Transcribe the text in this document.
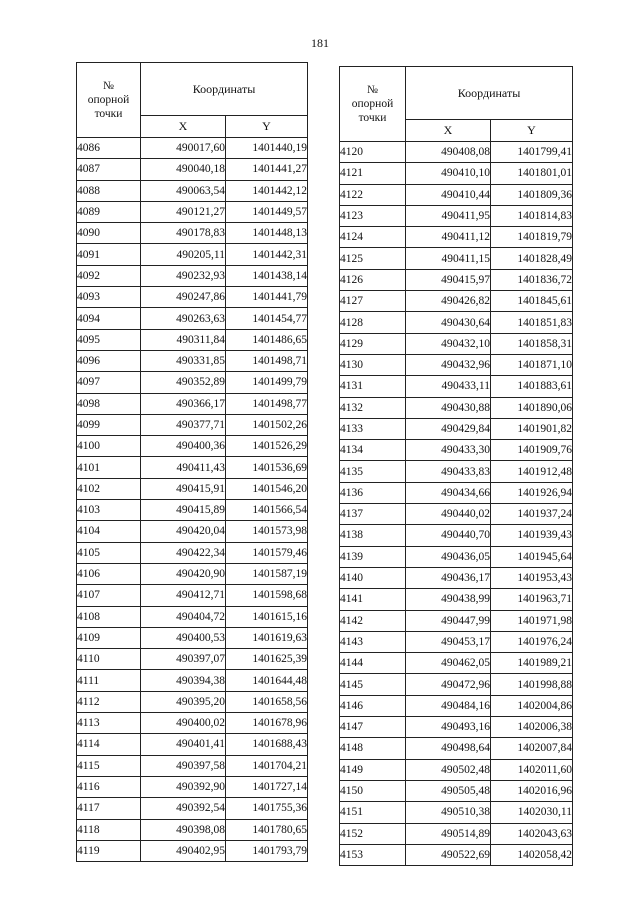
181
№
опорной
точки	Координаты	
	X	Y
4086	490017,60	1401440,19
4087	490040,18	1401441,27
4088	490063,54	1401442,12
4089	490121,27	1401449,57
4090	490178,83	1401448,13
4091	490205,11	1401442,31
4092	490232,93	1401438,14
4093	490247,86	1401441,79
4094	490263,63	1401454,77
4095	490311,84	1401486,65
4096	490331,85	1401498,71
4097	490352,89	1401499,79
4098	490366,17	1401498,77
4099	490377,71	1401502,26
4100	490400,36	1401526,29
4101	490411,43	1401536,69
4102	490415,91	1401546,20
4103	490415,89	1401566,54
4104	490420,04	1401573,98
4105	490422,34	1401579,46
4106	490420,90	1401587,19
4107	490412,71	1401598,68
4108	490404,72	1401615,16
4109	490400,53	1401619,63
4110	490397,07	1401625,39
4111	490394,38	1401644,48
4112	490395,20	1401658,56
4113	490400,02	1401678,96
4114	490401,41	1401688,43
4115	490397,58	1401704,21
4116	490392,90	1401727,14
4117	490392,54	1401755,36
4118	490398,08	1401780,65
4119	490402,95	1401793,79
№
опорной
точки	Координаты	
	X	Y
4120	490408,08	1401799,41
4121	490410,10	1401801,01
4122	490410,44	1401809,36
4123	490411,95	1401814,83
4124	490411,12	1401819,79
4125	490411,15	1401828,49
4126	490415,97	1401836,72
4127	490426,82	1401845,61
4128	490430,64	1401851,83
4129	490432,10	1401858,31
4130	490432,96	1401871,10
4131	490433,11	1401883,61
4132	490430,88	1401890,06
4133	490429,84	1401901,82
4134	490433,30	1401909,76
4135	490433,83	1401912,48
4136	490434,66	1401926,94
4137	490440,02	1401937,24
4138	490440,70	1401939,43
4139	490436,05	1401945,64
4140	490436,17	1401953,43
4141	490438,99	1401963,71
4142	490447,99	1401971,98
4143	490453,17	1401976,24
4144	490462,05	1401989,21
4145	490472,96	1401998,88
4146	490484,16	1402004,86
4147	490493,16	1402006,38
4148	490498,64	1402007,84
4149	490502,48	1402011,60
4150	490505,48	1402016,96
4151	490510,38	1402030,11
4152	490514,89	1402043,63
4153	490522,69	1402058,42
